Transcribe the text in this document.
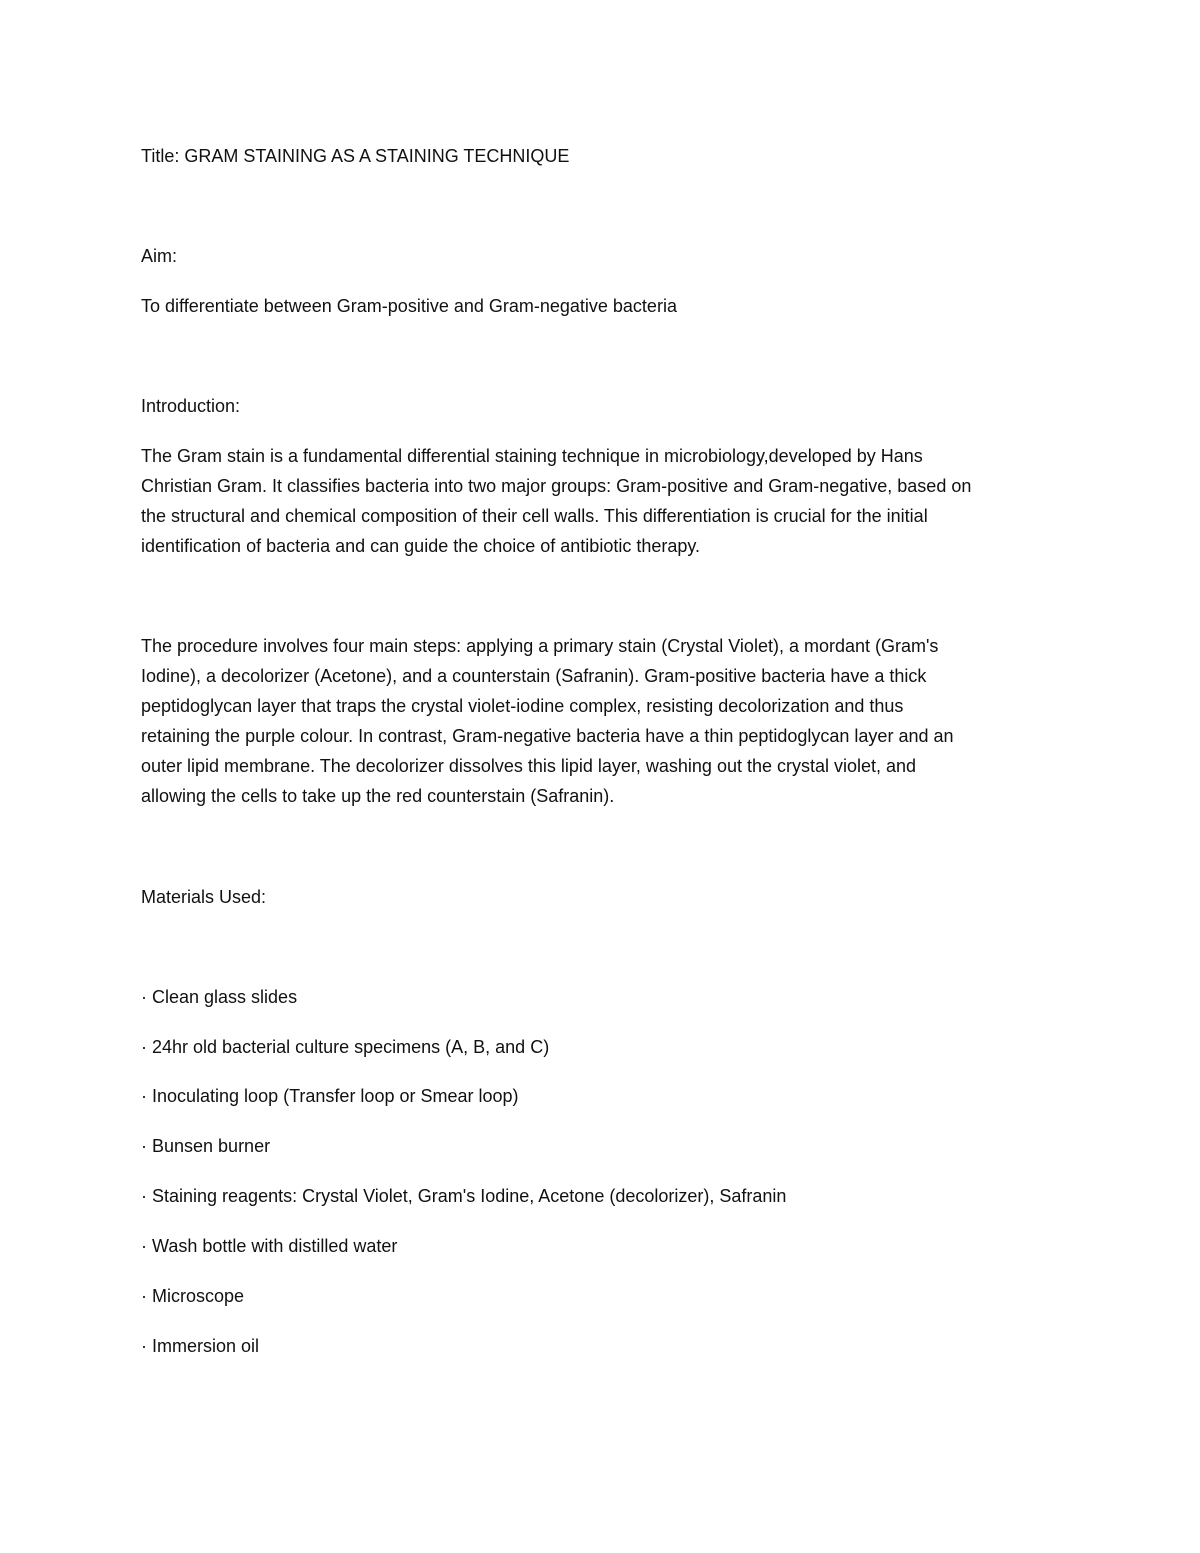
Title: GRAM STAINING AS A STAINING TECHNIQUE
Aim:
To differentiate between Gram-positive and Gram-negative bacteria
Introduction:
The Gram stain is a fundamental differential staining technique in microbiology,developed by Hans
Christian Gram. It classifies bacteria into two major groups: Gram-positive and Gram-negative, based on
the structural and chemical composition of their cell walls. This differentiation is crucial for the initial
identification of bacteria and can guide the choice of antibiotic therapy.
The procedure involves four main steps: applying a primary stain (Crystal Violet), a mordant (Gram's
Iodine), a decolorizer (Acetone), and a counterstain (Safranin). Gram-positive bacteria have a thick
peptidoglycan layer that traps the crystal violet-iodine complex, resisting decolorization and thus
retaining the purple colour. In contrast, Gram-negative bacteria have a thin peptidoglycan layer and an
outer lipid membrane. The decolorizer dissolves this lipid layer, washing out the crystal violet, and
allowing the cells to take up the red counterstain (Safranin).
Materials Used:
· Clean glass slides
· 24hr old bacterial culture specimens (A, B, and C)
· Inoculating loop (Transfer loop or Smear loop)
· Bunsen burner
· Staining reagents: Crystal Violet, Gram's Iodine, Acetone (decolorizer), Safranin
· Wash bottle with distilled water
· Microscope
· Immersion oil
